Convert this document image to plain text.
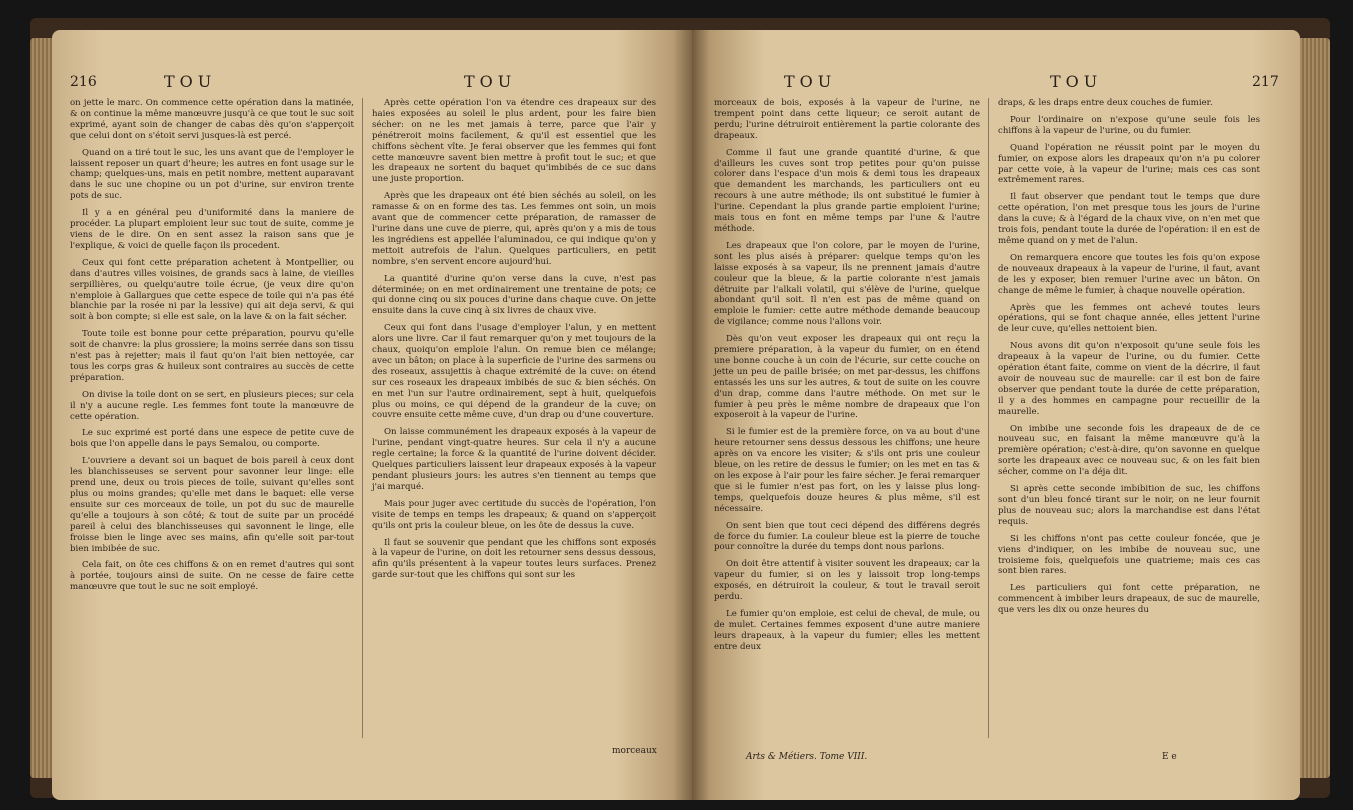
216	TOU	TOU

on jette le marc. On commence cette opération dans la matinée, & on continue la même manœuvre jusqu'à ce que tout le suc soit exprimé, ayant soin de changer de cabas dès qu'on s'apperçoit que celui dont on s'étoit servi jusques-là est percé.

Quand on a tiré tout le suc, les uns avant que de l'employer le laissent reposer un quart d'heure; les autres en font usage sur le champ; quelques-uns, mais en petit nombre, mettent auparavant dans le suc une chopine ou un pot d'urine, sur environ trente pots de suc.

Il y a en général peu d'uniformité dans la maniere de procéder. La plupart emploient leur suc tout de suite, comme je viens de le dire. On en sent assez la raison sans que je l'explique, & voici de quelle façon ils procedent.

Ceux qui font cette préparation achetent à Montpellier, ou dans d'autres villes voisines, de grands sacs à laine, de vieilles serpillières, ou quelqu'autre toile écrue, (je veux dire qu'on n'emploie à Gallargues que cette espece de toile qui n'a pas été blanchie par la rosée ni par la lessive) qui ait deja servi, & qui soit à bon compte; si elle est sale, on la lave & on la fait sécher.

Toute toile est bonne pour cette préparation, pourvu qu'elle soit de chanvre: la plus grossiere; la moins serrée dans son tissu n'est pas à rejetter; mais il faut qu'on l'ait bien nettoyée, car tous les corps gras & huileux sont contraires au succès de cette préparation.

On divise la toile dont on se sert, en plusieurs pieces; sur cela il n'y a aucune regle. Les femmes font toute la manœuvre de cette opération.

Le suc exprimé est porté dans une espece de petite cuve de bois que l'on appelle dans le pays Semalou, ou comporte.

L'ouvriere a devant soi un baquet de bois pareil à ceux dont les blanchisseuses se servent pour savonner leur linge: elle prend une, deux ou trois pieces de toile, suivant qu'elles sont plus ou moins grandes; qu'elle met dans le baquet: elle verse ensuite sur ces morceaux de toile, un pot du suc de maurelle qu'elle a toujours à son côté; & tout de suite par un procédé pareil à celui des blanchisseuses qui savonnent le linge, elle froisse bien le linge avec ses mains, afin qu'elle soit par-tout bien imbibée de suc.

Cela fait, on ôte ces chiffons & on en remet d'autres qui sont à portée, toujours ainsi de suite. On ne cesse de faire cette manœuvre que tout le suc ne soit employé.

Après cette opération l'on va étendre ces drapeaux sur des haies exposées au soleil le plus ardent, pour les faire bien sécher: on ne les met jamais à terre, parce que l'air y pénétreroit moins facilement, & qu'il est essentiel que les chiffons sèchent vîte. Je ferai observer que les femmes qui font cette manœuvre savent bien mettre à profit tout le suc; et que les drapeaux ne sortent du baquet qu'imbibés de ce suc dans une juste proportion.

Après que les drapeaux ont été bien séchés au soleil, on les ramasse & on en forme des tas. Les femmes ont soin, un mois avant que de commencer cette préparation, de ramasser de l'urine dans une cuve de pierre, qui, après qu'on y a mis de tous les ingrédiens est appellée l'aluminadou, ce qui indique qu'on y mettoit autrefois de l'alun. Quelques particuliers, en petit nombre, s'en servent encore aujourd'hui.

La quantité d'urine qu'on verse dans la cuve, n'est pas déterminée; on en met ordinairement une trentaine de pots; ce qui donne cinq ou six pouces d'urine dans chaque cuve. On jette ensuite dans la cuve cinq à six livres de chaux vive.

Ceux qui font dans l'usage d'employer l'alun, y en mettent alors une livre. Car il faut remarquer qu'on y met toujours de la chaux, quoiqu'on emploie l'alun. On remue bien ce mélange; avec un bâton; on place à la superficie de l'urine des sarmens ou des roseaux, assujettis à chaque extrémité de la cuve: on étend sur ces roseaux les drapeaux imbibés de suc & bien séchés. On en met l'un sur l'autre ordinairement, sept à huit, quelquefois plus ou moins, ce qui dépend de la grandeur de la cuve; on couvre ensuite cette même cuve, d'un drap ou d'une couverture.

On laisse communément les drapeaux exposés à la vapeur de l'urine, pendant vingt-quatre heures. Sur cela il n'y a aucune regle certaine; la force & la quantité de l'urine doivent décider. Quelques particuliers laissent leur drapeaux exposés à la vapeur pendant plusieurs jours: les autres s'en tiennent au temps que j'ai marqué.

Mais pour juger avec certitude du succès de l'opération, l'on visite de temps en temps les drapeaux; & quand on s'apperçoit qu'ils ont pris la couleur bleue, on les ôte de dessus la cuve.

Il faut se souvenir que pendant que les chiffons sont exposés à la vapeur de l'urine, on doit les retourner sens dessus dessous, afin qu'ils présentent à la vapeur toutes leurs surfaces. Prenez garde sur-tout que les chiffons qui sont sur les

morceaux
TOU	TOU	217

morceaux de bois, exposés à la vapeur de l'urine, ne trempent point dans cette liqueur; ce seroit autant de perdu; l'urine détruiroit entièrement la partie colorante des drapeaux.

Comme il faut une grande quantité d'urine, & que d'ailleurs les cuves sont trop petites pour qu'on puisse colorer dans l'espace d'un mois & demi tous les drapeaux que demandent les marchands, les particuliers ont eu recours à une autre méthode; ils ont substitué le fumier à l'urine. Cependant la plus grande partie emploient l'urine; mais tous en font en même temps par l'une & l'autre méthode.

Les drapeaux que l'on colore, par le moyen de l'urine, sont les plus aisés à préparer: quelque temps qu'on les laisse exposés à sa vapeur, ils ne prennent jamais d'autre couleur que la bleue, & la partie colorante n'est jamais détruite par l'alkali volatil, qui s'élève de l'urine, quelque abondant qu'il soit. Il n'en est pas de même quand on emploie le fumier: cette autre méthode demande beaucoup de vigilance; comme nous l'allons voir.

Dès qu'on veut exposer les drapeaux qui ont reçu la premiere préparation, à la vapeur du fumier, on en étend une bonne couche à un coin de l'écurie, sur cette couche on jette un peu de paille brisée; on met par-dessus, les chiffons entassés les uns sur les autres, & tout de suite on les couvre d'un drap, comme dans l'autre méthode. On met sur le fumier à peu près le même nombre de drapeaux que l'on exposeroit à la vapeur de l'urine.

Si le fumier est de la première force, on va au bout d'une heure retourner sens dessus dessous les chiffons; une heure après on va encore les visiter; & s'ils ont pris une couleur bleue, on les retire de dessus le fumier; on les met en tas & on les expose à l'air pour les faire sécher. Je ferai remarquer que si le fumier n'est pas fort, on les y laisse plus long-temps, quelquefois douze heures & plus même, s'il est nécessaire.

On sent bien que tout ceci dépend des différens degrés de force du fumier. La couleur bleue est la pierre de touche pour connoître la durée du temps dont nous parlons.

On doit être attentif à visiter souvent les drapeaux; car la vapeur du fumier, si on les y laissoit trop long-temps exposés, en détruiroit la couleur, & tout le travail seroit perdu.

Le fumier qu'on emploie, est celui de cheval, de mule, ou de mulet. Certaines femmes exposent d'une autre maniere leurs drapeaux, à la vapeur du fumier; elles les mettent entre deux

draps, & les draps entre deux couches de fumier.

Pour l'ordinaire on n'expose qu'une seule fois les chiffons à la vapeur de l'urine, ou du fumier.

Quand l'opération ne réussit point par le moyen du fumier, on expose alors les drapeaux qu'on n'a pu colorer par cette voie, à la vapeur de l'urine; mais ces cas sont extrêmement rares.

Il faut observer que pendant tout le temps que dure cette opération, l'on met presque tous les jours de l'urine dans la cuve; & à l'égard de la chaux vive, on n'en met que trois fois, pendant toute la durée de l'opération: il en est de même quand on y met de l'alun.

On remarquera encore que toutes les fois qu'on expose de nouveaux drapeaux à la vapeur de l'urine, il faut, avant de les y exposer, bien remuer l'urine avec un bâton. On change de même le fumier, à chaque nouvelle opération.

Après que les femmes ont achevé toutes leurs opérations, qui se font chaque année, elles jettent l'urine de leur cuve, qu'elles nettoient bien.

Nous avons dit qu'on n'exposoit qu'une seule fois les drapeaux à la vapeur de l'urine, ou du fumier. Cette opération étant faite, comme on vient de la décrire, il faut avoir de nouveau suc de maurelle: car il est bon de faire observer que pendant toute la durée de cette préparation, il y a des hommes en campagne pour recueillir de la maurelle.

On imbibe une seconde fois les drapeaux de de ce nouveau suc, en faisant la même manœuvre qu'à la première opération; c'est-à-dire, qu'on savonne en quelque sorte les drapeaux avec ce nouveau suc, & on les fait bien sécher, comme on l'a déja dit.

Si après cette seconde imbibition de suc, les chiffons sont d'un bleu foncé tirant sur le noir, on ne leur fournit plus de nouveau suc; alors la marchandise est dans l'état requis.

Si les chiffons n'ont pas cette couleur foncée, que je viens d'indiquer, on les imbibe de nouveau suc, une troisieme fois, quelquefois une quatrieme; mais ces cas sont bien rares.

Les particuliers qui font cette préparation, ne commencent à imbiber leurs drapeaux, de suc de maurelle, que vers les dix ou onze heures du

Arts & Métiers. Tome VIII.	E e
